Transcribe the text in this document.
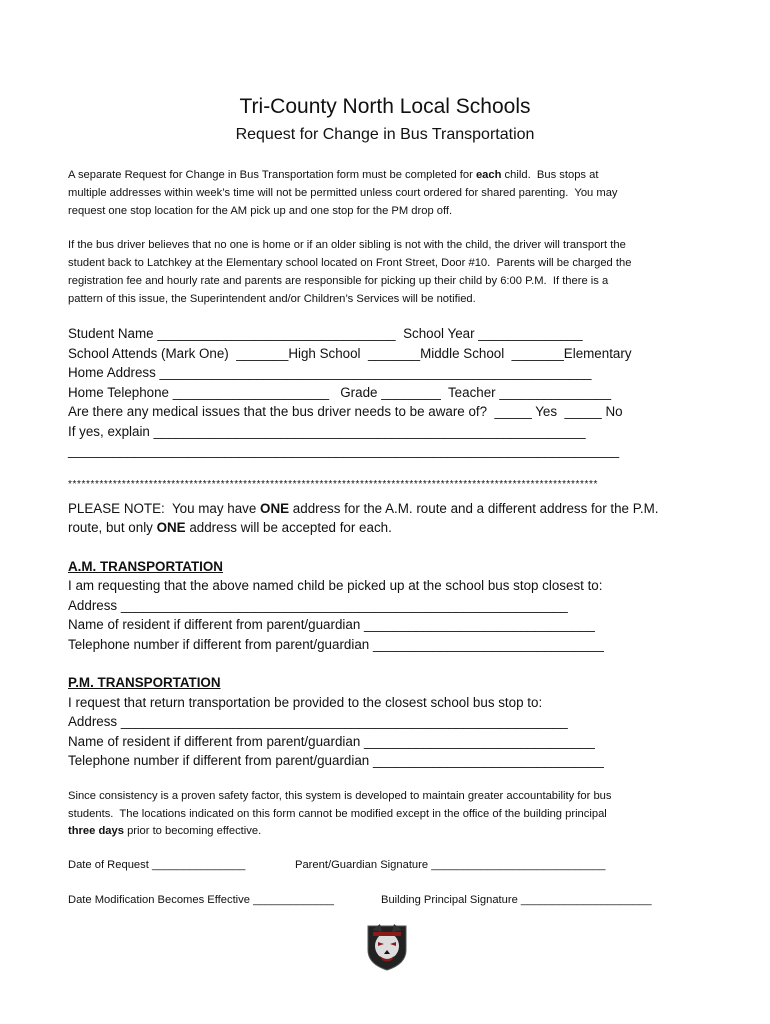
Tri-County North Local Schools
Request for Change in Bus Transportation
A separate Request for Change in Bus Transportation form must be completed for each child.  Bus stops at
multiple addresses within week’s time will not be permitted unless court ordered for shared parenting.  You may
request one stop location for the AM pick up and one stop for the PM drop off.
If the bus driver believes that no one is home or if an older sibling is not with the child, the driver will transport the
student back to Latchkey at the Elementary school located on Front Street, Door #10.  Parents will be charged the
registration fee and hourly rate and parents are responsible for picking up their child by 6:00 P.M.  If there is a
pattern of this issue, the Superintendent and/or Children’s Services will be notified.
Student Name ________________________________  School Year ______________
School Attends (Mark One)  _______High School  _______Middle School  _______Elementary
Home Address __________________________________________________________
Home Telephone _____________________   Grade ________  Teacher _______________
Are there any medical issues that the bus driver needs to be aware of?  _____ Yes  _____ No
If yes, explain __________________________________________________________
__________________________________________________________________________
**********************************************************************************************************************
PLEASE NOTE:  You may have ONE address for the A.M. route and a different address for the P.M.
route, but only ONE address will be accepted for each.
A.M. TRANSPORTATION
I am requesting that the above named child be picked up at the school bus stop closest to:
Address ____________________________________________________________
Name of resident if different from parent/guardian _______________________________
Telephone number if different from parent/guardian _______________________________
P.M. TRANSPORTATION
I request that return transportation be provided to the closest school bus stop to:
Address ____________________________________________________________
Name of resident if different from parent/guardian _______________________________
Telephone number if different from parent/guardian _______________________________
Since consistency is a proven safety factor, this system is developed to maintain greater accountability for bus
students.  The locations indicated on this form cannot be modified except in the office of the building principal
three days prior to becoming effective.
Date of Request _______________	Parent/Guardian Signature ____________________________
Date Modification Becomes Effective _____________	Building Principal Signature _____________________
